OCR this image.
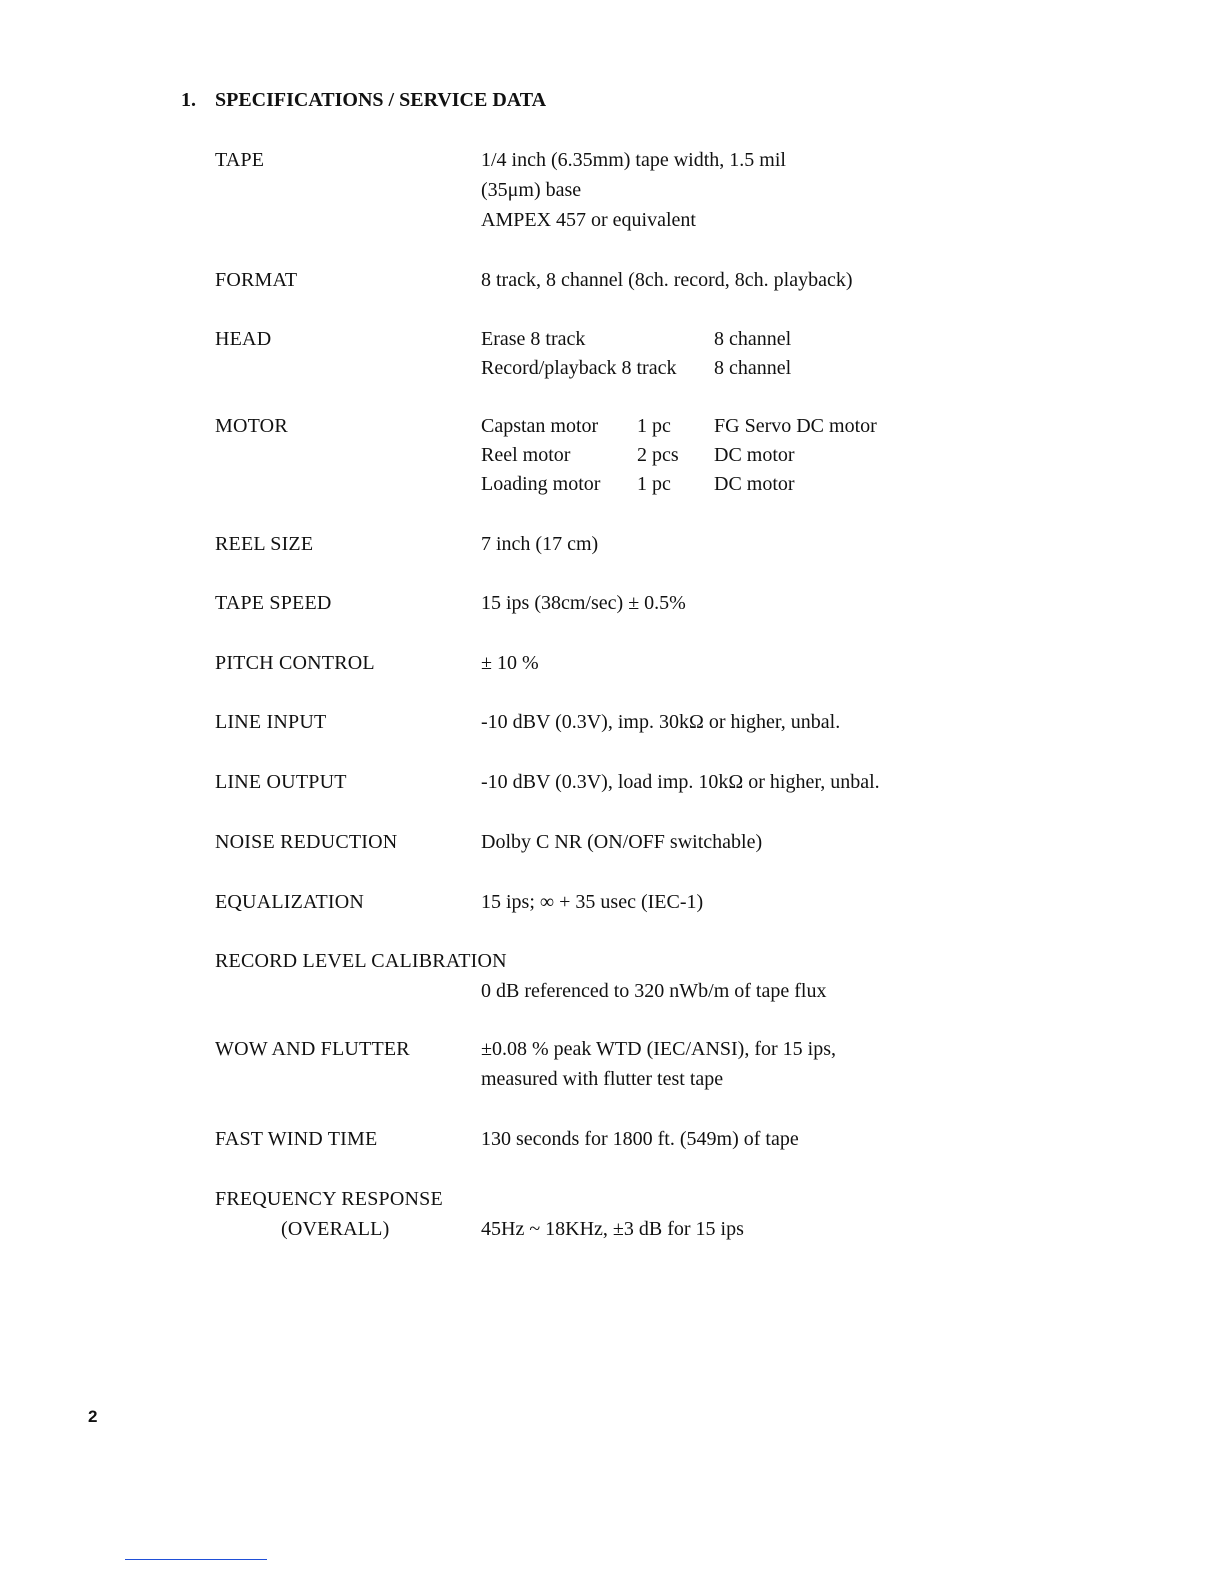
1. SPECIFICATIONS / SERVICE DATA
TAPE	1/4 inch (6.35mm) tape width, 1.5 mil
(35μm) base
AMPEX 457 or equivalent
FORMAT	8 track, 8 channel (8ch. record, 8ch. playback)
HEAD	Erase 8 track	8 channel
Record/playback 8 track 8 channel
MOTOR	Capstan motor 1 pc FG Servo DC motor
Reel motor	2 pcs DC motor
Loading motor 1 pc DC motor
REEL SIZE	7 inch (17 cm)
TAPE SPEED	15 ips (38cm/sec) ± 0.5%
PITCH CONTROL	± 10 %
LINE INPUT	-10 dBV (0.3V), imp. 30kΩ or higher, unbal.
LINE OUTPUT	-10 dBV (0.3V), load imp. 10kΩ or higher, unbal.
NOISE REDUCTION	Dolby C NR (ON/OFF switchable)
EQUALIZATION	15 ips; ∞ + 35 usec (IEC-1)
RECORD LEVEL CALIBRATION
0 dB referenced to 320 nWb/m of tape flux
WOW AND FLUTTER	±0.08 % peak WTD (IEC/ANSI), for 15 ips,
measured with flutter test tape
FAST WIND TIME	130 seconds for 1800 ft. (549m) of tape
FREQUENCY RESPONSE
(OVERALL)	45Hz ~ 18KHz, ±3 dB for 15 ips
2
